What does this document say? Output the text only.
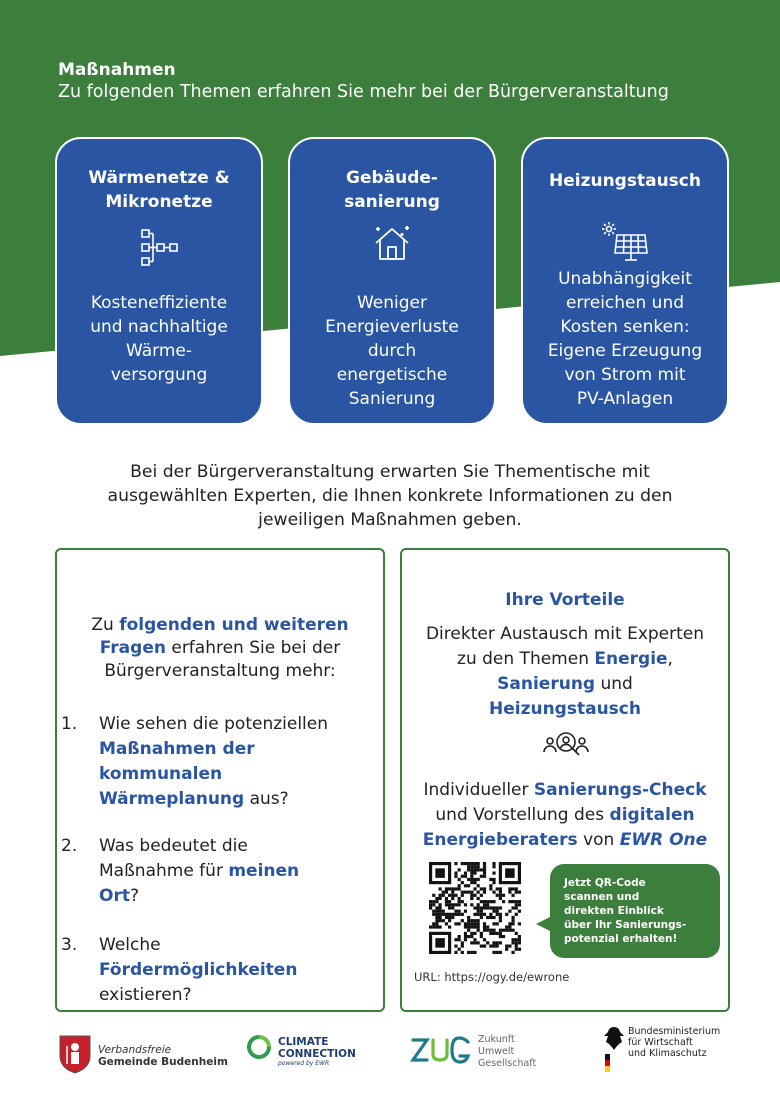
Maßnahmen
Zu folgenden Themen erfahren Sie mehr bei der Bürgerveranstaltung
Wärmenetze &
Mikronetze
Kosteneffiziente
und nachhaltige
Wärme-
versorgung
Gebäude-
sanierung
Weniger
Energieverluste
durch
energetische
Sanierung
Heizungstausch
Unabhängigkeit
erreichen und
Kosten senken:
Eigene Erzeugung
von Strom mit
PV-Anlagen
Bei der Bürgerveranstaltung erwarten Sie Thementische mit
ausgewählten Experten, die Ihnen konkrete Informationen zu den
jeweiligen Maßnahmen geben.
Zu folgenden und weiteren
Fragen erfahren Sie bei der
Bürgerveranstaltung mehr:
1. Wie sehen die potenziellen
Maßnahmen der
kommunalen
Wärmeplanung aus?
2. Was bedeutet die
Maßnahme für meinen
Ort?
3. Welche
Fördermöglichkeiten
existieren?
Ihre Vorteile
Direkter Austausch mit Experten
zu den Themen Energie,
Sanierung und
Heizungstausch
Individueller Sanierungs-Check
und Vorstellung des digitalen
Energieberaters von EWR One
Jetzt QR-Code
scannen und
direkten Einblick
über Ihr Sanierungs-
potenzial erhalten!
URL: https://ogy.de/ewrone
Verbandsfreie
Gemeinde Budenheim
CLIMATE
CONNECTION
powered by EWR
Zukunft
Umwelt
Gesellschaft
Bundesministerium
für Wirtschaft
und Klimaschutz
